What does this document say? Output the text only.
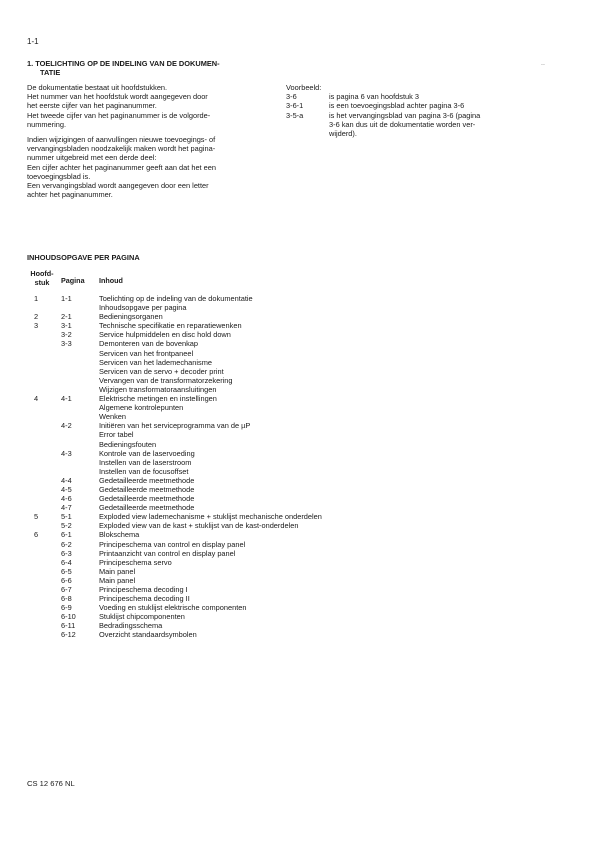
1-1
1. TOELICHTING OP DE INDELING VAN DE DOKUMEN-
TATIE

De dokumentatie bestaat uit hoofdstukken.
Het nummer van het hoofdstuk wordt aangegeven door
het eerste cijfer van het paginanummer.
Het tweede cijfer van het paginanummer is de volgorde-
nummering.

Indien wijzigingen of aanvullingen nieuwe toevoegings- of
vervangingsbladen noodzakelijk maken wordt het pagina-
nummer uitgebreid met een derde deel:
Een cijfer achter het paginanummer geeft aan dat het een
toevoegingsblad is.
Een vervangingsblad wordt aangegeven door een letter
achter het paginanummer.

Voorbeeld:
3-6	is pagina 6 van hoofdstuk 3
3-6-1	is een toevoegingsblad achter pagina 3-6
3-5-a	is het vervangingsblad van pagina 3-6 (pagina
3-6 kan dus uit de dokumentatie worden ver-
wijderd).
..
INHOUDSOPGAVE PER PAGINA
Hoofd-
stuk	Pagina Inhoud
1	1-1	Toelichting op de indeling van de dokumentatie
Inhoudsopgave per pagina
2	2-1	Bedieningsorganen
3	3-1	Technische specifikatie en reparatiewenken
3-2	Service hulpmiddelen en disc hold down
3-3	Demonteren van de bovenkap
Servicen van het frontpaneel
Servicen van het lademechanisme
Servicen van de servo + decoder print
Vervangen van de transformatorzekering
Wijzigen transformatoraansluitingen
4	4-1	Elektrische metingen en instellingen
Algemene kontrolepunten
Wenken
4-2	Initiëren van het serviceprogramma van de µP
Error tabel
Bedieningsfouten
4-3	Kontrole van de laservoeding
Instellen van de laserstroom
Instellen van de focusoffset
4-4	Gedetailleerde meetmethode
4-5	Gedetailleerde meetmethode
4-6	Gedetailleerde meetmethode
4-7	Gedetailleerde meetmethode
5	5-1	Exploded view lademechanisme + stuklijst mechanische onderdelen
5-2	Exploded view van de kast + stuklijst van de kast-onderdelen
6	6-1	Blokschema
6-2	Principeschema van control en display panel
6-3	Printaanzicht van control en display panel
6-4	Principeschema servo
6-5	Main panel
6-6	Main panel
6-7	Principeschema decoding I
6-8	Principeschema decoding II
6-9	Voeding en stuklijst elektrische componenten
6-10	Stuklijst chipcomponenten
6-11	Bedradingsschema
6-12	Overzicht standaardsymbolen
CS 12 676 NL
